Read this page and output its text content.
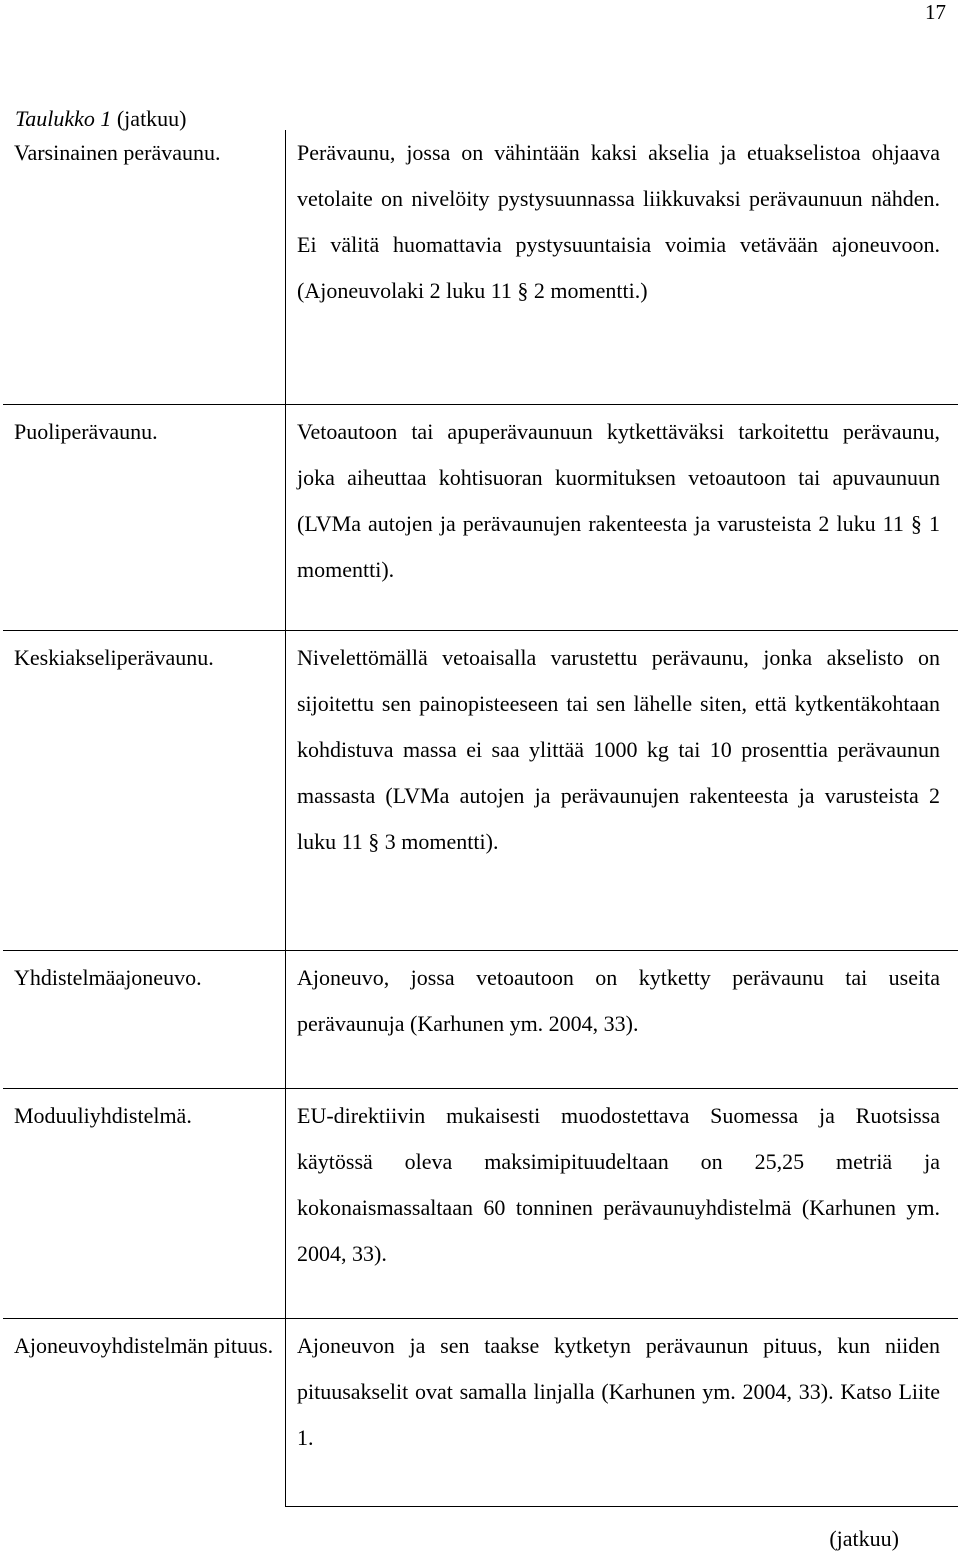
17
Taulukko 1 (jatkuu)
Varsinainen perävaunu.	Perävaunu, jossa on vähintään kaksi akselia ja etuakselistoa ohjaava vetolaite on nivelöity pystysuunnassa liikkuvaksi perävaunuun nähden. Ei välitä huomattavia pystysuuntaisia voimia vetävään ajoneuvoon. (Ajoneuvolaki 2 luku 11 § 2 momentti.)

Puoliperävaunu.	Vetoautoon tai apuperävaunuun kytkettäväksi tarkoitettu perävaunu, joka aiheuttaa kohtisuoran kuormituksen vetoautoon tai apuvaunuun (LVMa autojen ja perävaunujen rakenteesta ja varusteista 2 luku 11 § 1 momentti).

Keskiakseliperävaunu.	Nivelettömällä vetoaisalla varustettu perävaunu, jonka akselisto on sijoitettu sen painopisteeseen tai sen lähelle siten, että kytkentäkohtaan kohdistuva massa ei saa ylittää 1000 kg tai 10 prosenttia perävaunun massasta (LVMa autojen ja perävaunujen rakenteesta ja varusteista 2 luku 11 § 3 momentti).

Yhdistelmäajoneuvo.	Ajoneuvo, jossa vetoautoon on kytketty perävaunu tai useita perävaunuja (Karhunen ym. 2004, 33).

Moduuliyhdistelmä.	EU-direktiivin mukaisesti muodostettava Suomessa ja Ruotsissa käytössä oleva maksimipituudeltaan on 25,25 metriä ja kokonaismassaltaan 60 tonninen perävaunuyhdistelmä (Karhunen ym. 2004, 33).

Ajoneuvoyhdistelmän pituus.	Ajoneuvon ja sen taakse kytketyn perävaunun pituus, kun niiden pituusakselit ovat samalla linjalla (Karhunen ym. 2004, 33). Katso Liite 1.
(jatkuu)
